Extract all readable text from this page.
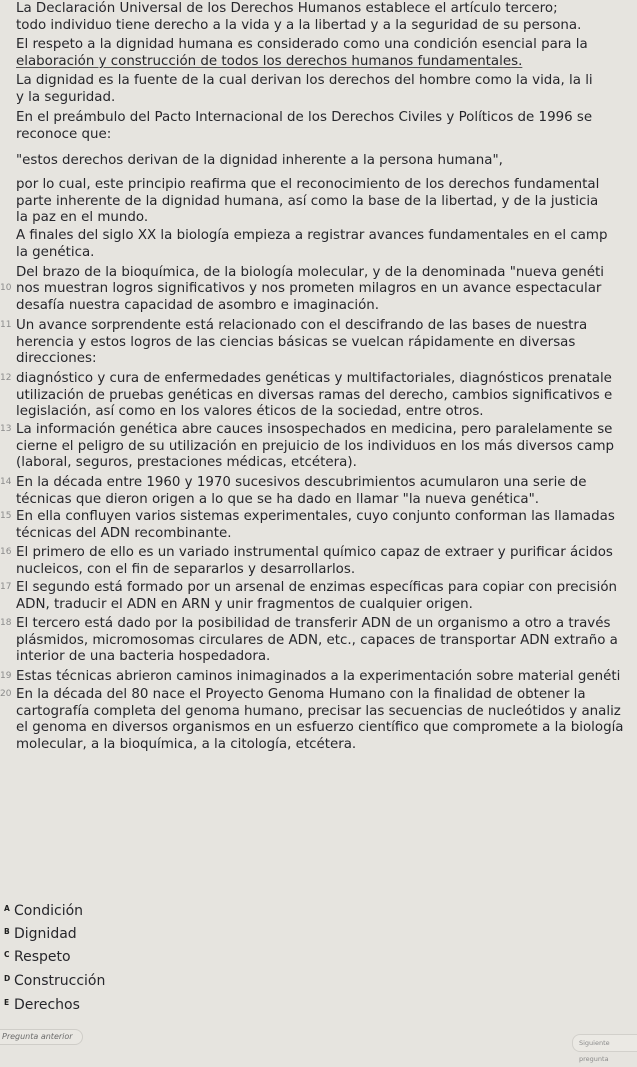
La Declaración Universal de los Derechos Humanos establece el artículo tercero;
todo individuo tiene derecho a la vida y a la libertad y a la seguridad de su persona.

El respeto a la dignidad humana es considerado como una condición esencial para la
elaboración y construcción de todos los derechos humanos fundamentales.

La dignidad es la fuente de la cual derivan los derechos del hombre como la vida, la li
y la seguridad.

En el preámbulo del Pacto Internacional de los Derechos Civiles y Políticos de 1996 se
reconoce que:

"estos derechos derivan de la dignidad inherente a la persona humana",

por lo cual, este principio reafirma que el reconocimiento de los derechos fundamental
parte inherente de la dignidad humana, así como la base de la libertad, y de la justicia
la paz en el mundo.

A finales del siglo XX la biología empieza a registrar avances fundamentales en el camp
la genética.

Del brazo de la bioquímica, de la biología molecular, y de la denominada "nueva genéti

10 nos muestran logros significativos y nos prometen milagros en un avance espectacular
desafía nuestra capacidad de asombro e imaginación.

11 Un avance sorprendente está relacionado con el descifrando de las bases de nuestra
herencia y estos logros de las ciencias básicas se vuelcan rápidamente en diversas
direcciones:

12 diagnóstico y cura de enfermedades genéticas y multifactoriales, diagnósticos prenatale
utilización de pruebas genéticas en diversas ramas del derecho, cambios significativos e
legislación, así como en los valores éticos de la sociedad, entre otros.

13 La información genética abre cauces insospechados en medicina, pero paralelamente se
cierne el peligro de su utilización en prejuicio de los individuos en los más diversos camp
(laboral, seguros, prestaciones médicas, etcétera).

14 En la década entre 1960 y 1970 sucesivos descubrimientos acumularon una serie de
técnicas que dieron origen a lo que se ha dado en llamar "la nueva genética".

15 En ella confluyen varios sistemas experimentales, cuyo conjunto conforman las llamadas
técnicas del ADN recombinante.

16 El primero de ello es un variado instrumental químico capaz de extraer y purificar ácidos
nucleicos, con el fin de separarlos y desarrollarlos.

17 El segundo está formado por un arsenal de enzimas específicas para copiar con precisión
ADN, traducir el ADN en ARN y unir fragmentos de cualquier origen.

18 El tercero está dado por la posibilidad de transferir ADN de un organismo a otro a través
plásmidos, micromosomas circulares de ADN, etc., capaces de transportar ADN extraño a
interior de una bacteria hospedadora.

19 Estas técnicas abrieron caminos inimaginados a la experimentación sobre material genéti

20 En la década del 80 nace el Proyecto Genoma Humano con la finalidad de obtener la
cartografía completa del genoma humano, precisar las secuencias de nucleótidos y analiz
el genoma en diversos organismos en un esfuerzo científico que compromete a la biología
molecular, a la bioquímica, a la citología, etcétera.

A Condición
B Dignidad
C Respeto
D Construcción
E Derechos
Pregunta anterior
Siguiente pregunta
